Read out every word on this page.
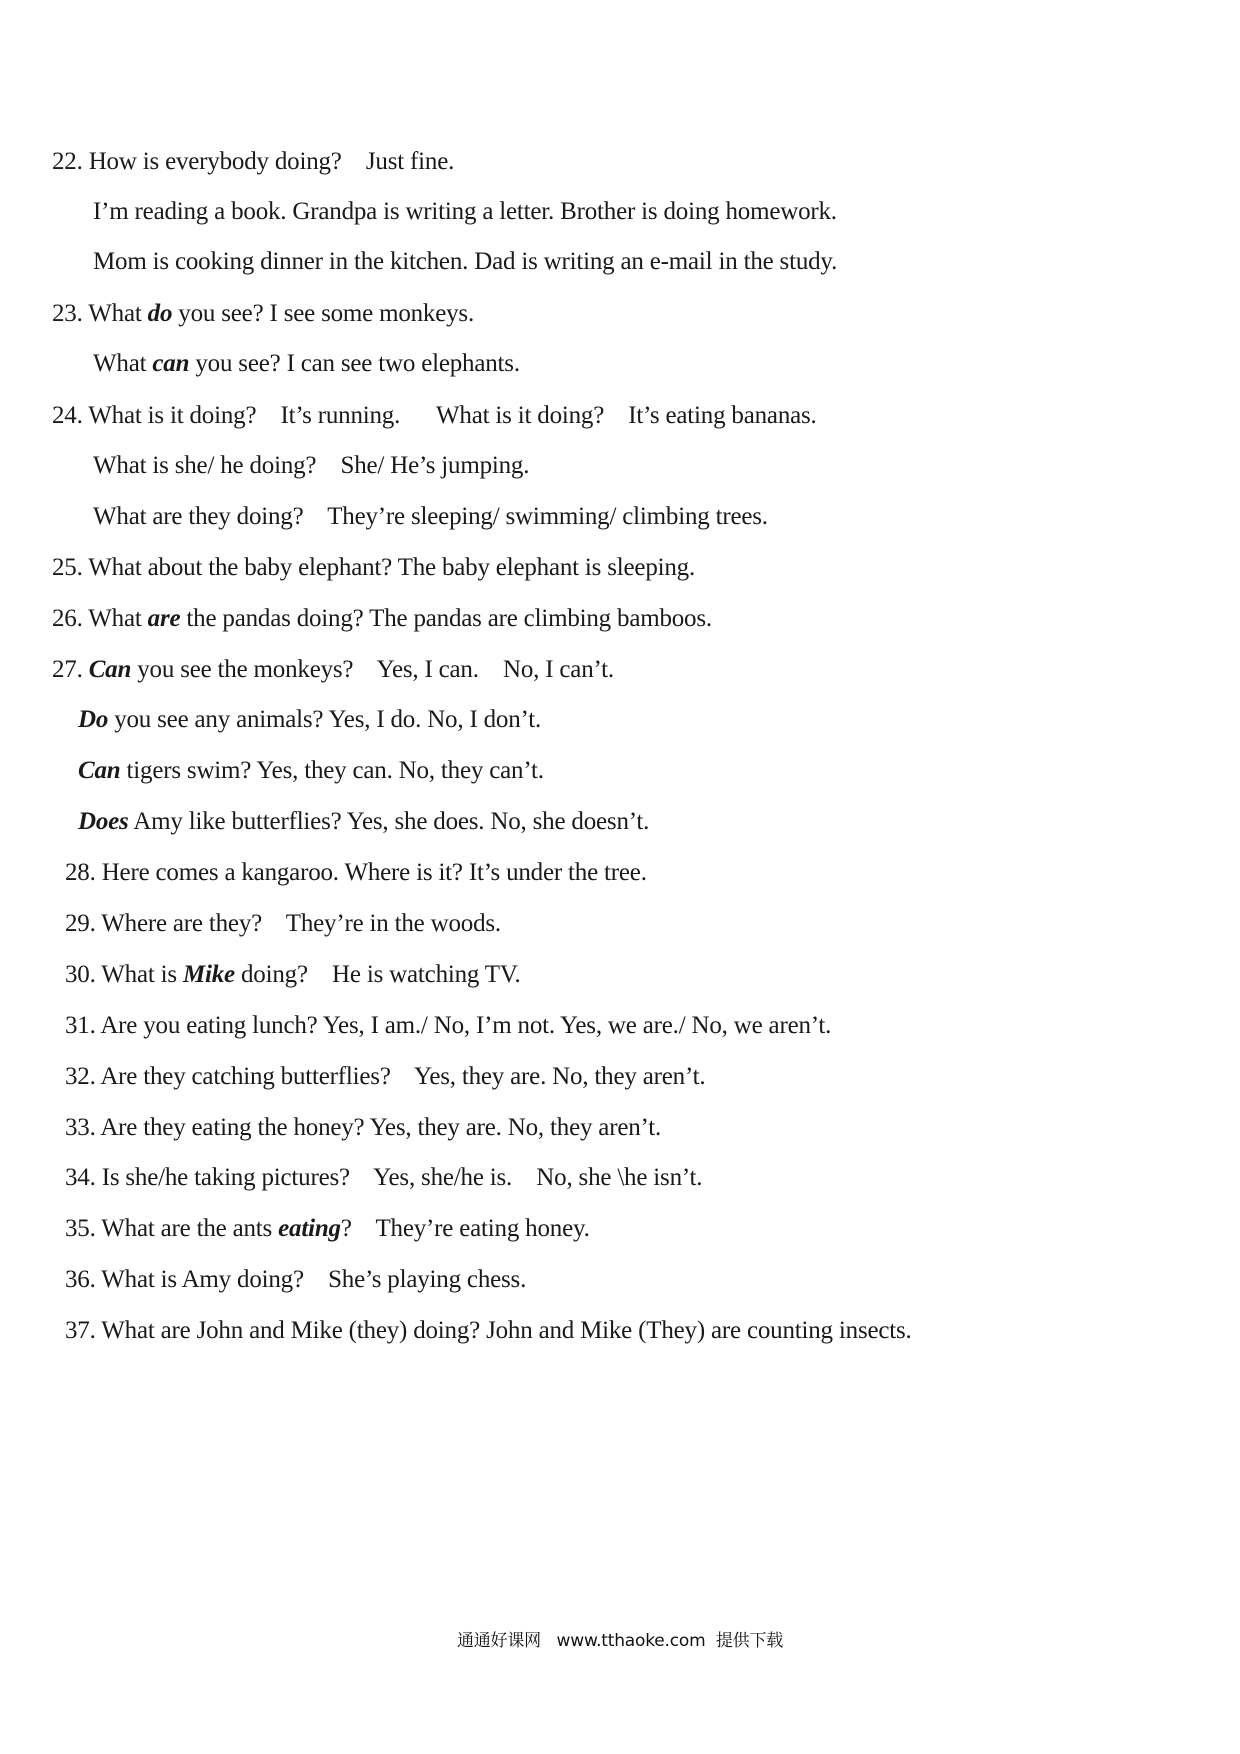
22. How is everybody doing?    Just fine.
I’m reading a book. Grandpa is writing a letter. Brother is doing homework.
Mom is cooking dinner in the kitchen. Dad is writing an e-mail in the study.
23. What do you see? I see some monkeys.
What can you see? I can see two elephants.
24. What is it doing?    It’s running.      What is it doing?    It’s eating bananas.
What is she/ he doing?    She/ He’s jumping.
What are they doing?    They’re sleeping/ swimming/ climbing trees.
25. What about the baby elephant? The baby elephant is sleeping.
26. What are the pandas doing? The pandas are climbing bamboos.
27. Can you see the monkeys?    Yes, I can.    No, I can’t.
Do you see any animals? Yes, I do. No, I don’t.
Can tigers swim? Yes, they can. No, they can’t.
Does Amy like butterflies? Yes, she does. No, she doesn’t.
28. Here comes a kangaroo. Where is it? It’s under the tree.
29. Where are they?    They’re in the woods.
30. What is Mike doing?    He is watching TV.
31. Are you eating lunch? Yes, I am./ No, I’m not. Yes, we are./ No, we aren’t.
32. Are they catching butterflies?    Yes, they are. No, they aren’t.
33. Are they eating the honey? Yes, they are. No, they aren’t.
34. Is she/he taking pictures?    Yes, she/he is.    No, she \he isn’t.
35. What are the ants eating?    They’re eating honey.
36. What is Amy doing?    She’s playing chess.
37. What are John and Mike (they) doing? John and Mike (They) are counting insects.
通通好课网   www.tthaoke.com  提供下载
